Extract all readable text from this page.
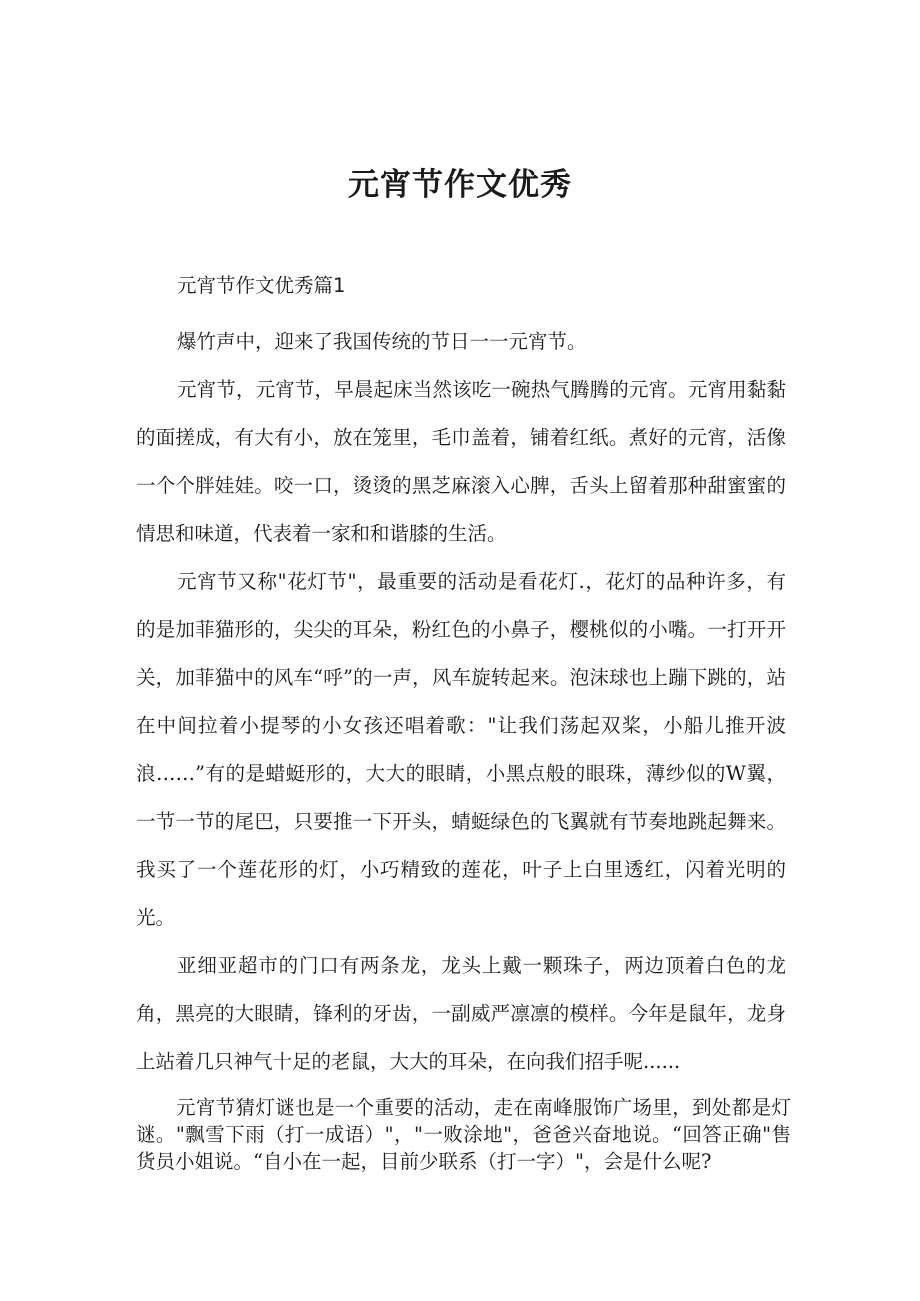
元宵节作文优秀
元宵节作文优秀篇1

爆竹声中，迎来了我国传统的节日一一元宵节。

元宵节，元宵节，早晨起床当然该吃一碗热气腾腾的元宵。元宵用黏黏的面搓成，有大有小，放在笼里，毛巾盖着，铺着红纸。煮好的元宵，活像一个个胖娃娃。咬一口，烫烫的黑芝麻滚入心脾，舌头上留着那种甜蜜蜜的情思和味道，代表着一家和和谐膝的生活。

元宵节又称"花灯节"，最重要的活动是看花灯.，花灯的品种许多，有的是加菲猫形的，尖尖的耳朵，粉红色的小鼻子，樱桃似的小嘴。一打开开关，加菲猫中的风车“呼”的一声，风车旋转起来。泡沫球也上蹦下跳的，站在中间拉着小提琴的小女孩还唱着歌："让我们荡起双桨，小船儿推开波浪……”有的是蜡蜓形的，大大的眼睛，小黑点般的眼珠，薄纱似的W翼，一节一节的尾巴，只要推一下开头，蜻蜓绿色的飞翼就有节奏地跳起舞来。我买了一个莲花形的灯，小巧精致的莲花，叶子上白里透红，闪着光明的光。

亚细亚超市的门口有两条龙，龙头上戴一颗珠子，两边顶着白色的龙角，黑亮的大眼睛，锋利的牙齿，一副威严凛凛的模样。今年是鼠年，龙身上站着几只神气十足的老鼠，大大的耳朵，在向我们招手呢......

元宵节猜灯谜也是一个重要的活动，走在南峰服饰广场里，到处都是灯谜。"飘雪下雨（打一成语）"，"一败涂地"，爸爸兴奋地说。“回答正确"售货员小姐说。“自小在一起，目前少联系（打一字）"，会是什么呢?
